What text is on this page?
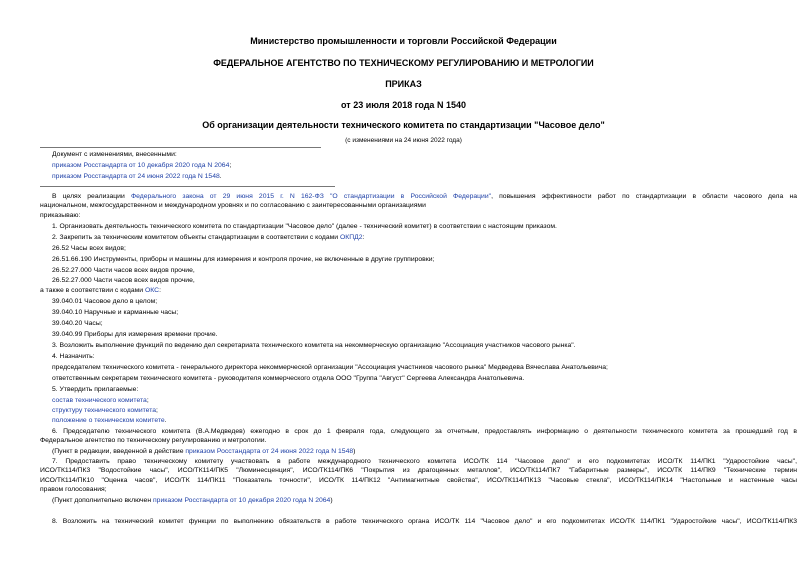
Министерство промышленности и торговли Российской Федерации
ФЕДЕРАЛЬНОЕ АГЕНТСТВО ПО ТЕХНИЧЕСКОМУ РЕГУЛИРОВАНИЮ И МЕТРОЛОГИИ
ПРИКАЗ
от 23 июля 2018 года N 1540
Об организации деятельности технического комитета по стандартизации "Часовое дело"
(с изменениями на 24 июня 2022 года)
Документ с изменениями, внесенными:
приказом Росстандарта от 10 декабря 2020 года N 2064;
приказом Росстандарта от 24 июня 2022 года N 1548.
В целях реализации Федерального закона от 29 июня 2015 г. N 162-ФЗ "О стандартизации в Российской Федерации", повышения эффективности работ по стандартизации в области часового дела на
национальном, межгосударственном и международном уровнях и по согласованию с заинтересованными организациями
приказываю:
1. Организовать деятельность технического комитета по стандартизации "Часовое дело" (далее - технический комитет) в соответствии с настоящим приказом.
2. Закрепить за техническим комитетом объекты стандартизации в соответствии с кодами ОКПД2:
26.52 Часы всех видов;
26.51.66.190 Инструменты, приборы и машины для измерения и контроля прочие, не включенные в другие группировки;
26.52.27.000 Части часов всех видов прочие,
26.52.27.000 Части часов всех видов прочие,
а также в соответствии с кодами ОКС:
39.040.01 Часовое дело в целом;
39.040.10 Наручные и карманные часы;
39.040.20 Часы;
39.040.99 Приборы для измерения времени прочие.
3. Возложить выполнение функций по ведению дел секретариата технического комитета на некоммерческую организацию "Ассоциация участников часового рынка".
4. Назначить:
председателем технического комитета - генерального директора некоммерческой организации "Ассоциация участников часового рынка" Медведева Вячеслава Анатольевича;
ответственным секретарем технического комитета - руководителя коммерческого отдела ООО "Группа "Август" Сергеева Александра Анатольевича.
5. Утвердить прилагаемые:
состав технического комитета;
структуру технического комитета;
положение о техническом комитете.
6. Председателю технического комитета (В.А.Медведев) ежегодно в срок до 1 февраля года, следующего за отчетным, предоставлять информацию о деятельности технического комитета за прошедший год в
Федеральное агентство по техническому регулированию и метрологии.
(Пункт в редакции, введенной в действие приказом Росстандарта от 24 июня 2022 года N 1548)
7. Предоставить право техническому комитету участвовать в работе международного технического комитета ИСО/ТК 114 "Часовое дело" и его подкомитетах ИСО/ТК 114/ПК1 "Ударостойкие часы",
ИСО/ТК114/ПК3 "Водостойкие часы", ИСО/ТК114/ПК5 "Люминесценция", ИСО/ТК114/ПК6 "Покрытия из драгоценных металлов", ИСО/ТК114/ПК7 "Габаритные размеры", ИСО/ТК 114/ПК9 "Технические термин
ИСО/ТК114/ПК10 "Оценка часов", ИСО/ТК 114/ПК11 "Показатель точности", ИСО/ТК 114/ПК12 "Антимагнитные свойства", ИСО/ТК114/ПК13 "Часовые стекла", ИСО/ТК114/ПК14 "Настольные и настенные часы
правом голосования;
(Пункт дополнительно включен приказом Росстандарта от 10 декабря 2020 года N 2064)
8. Возложить на технический комитет функции по выполнению обязательств в работе технического органа ИСО/ТК 114 "Часовое дело" и его подкомитетах ИСО/ТК 114/ПК1 "Ударостойкие часы", ИСО/ТК114/ПК3
